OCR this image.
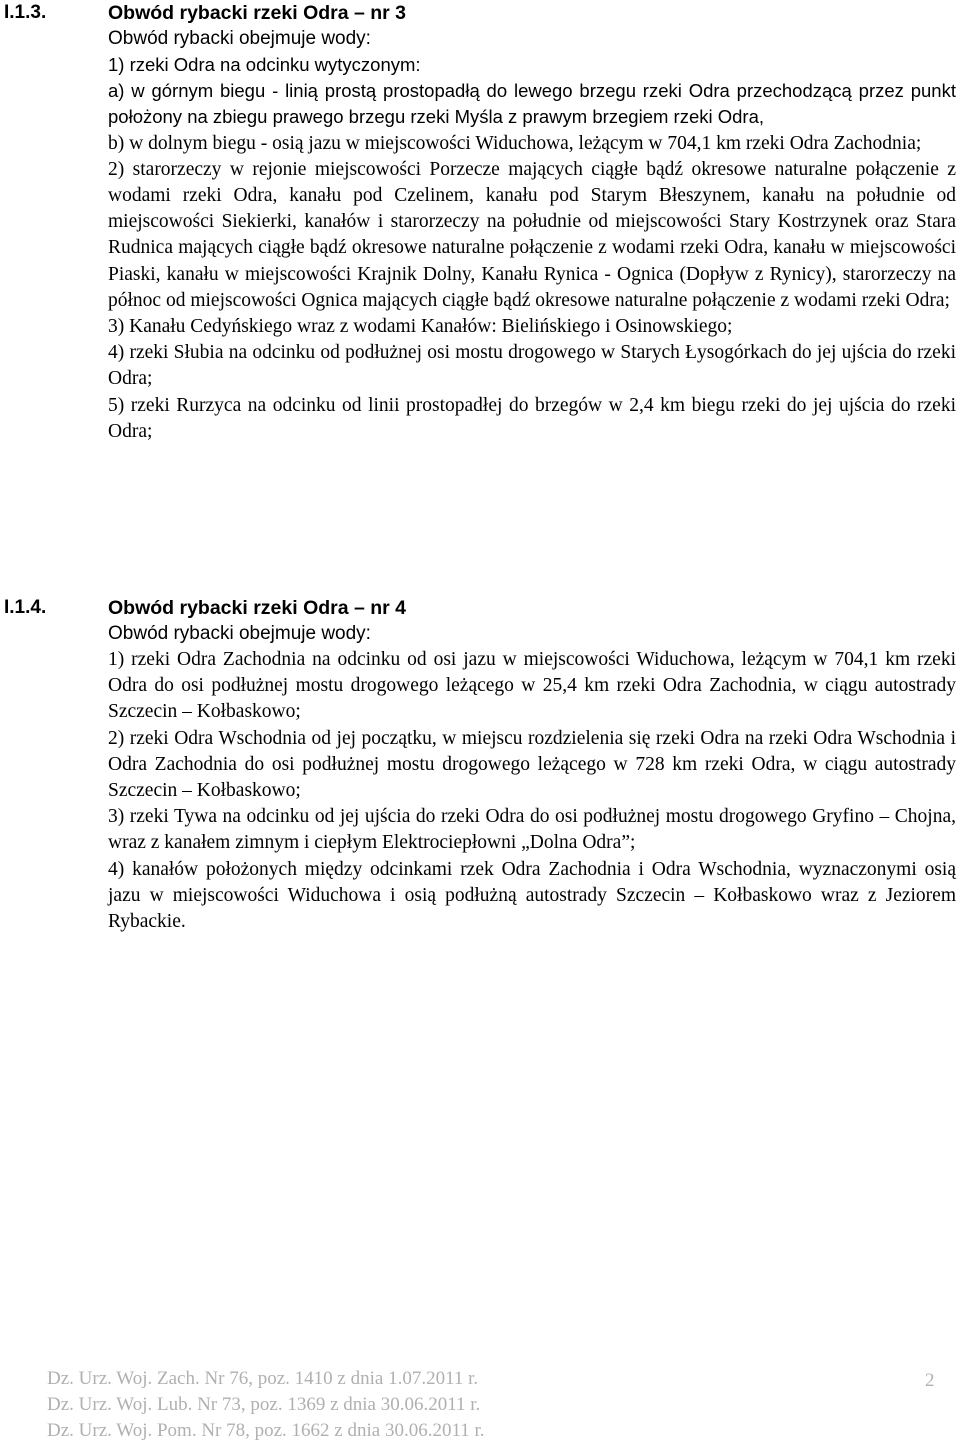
I.1.3.	Obwód rybacki rzeki Odra – nr 3

Obwód rybacki obejmuje wody:

1) rzeki Odra na odcinku wytyczonym:

a) w górnym biegu - linią prostą prostopadłą do lewego brzegu rzeki Odra przechodzącą przez punkt położony na zbiegu prawego brzegu rzeki Myśla z prawym brzegiem rzeki Odra,

b) w dolnym biegu - osią jazu w miejscowości Widuchowa, leżącym w 704,1 km rzeki Odra Zachodnia;

2) starorzeczy w rejonie miejscowości Porzecze mających ciągłe bądź okresowe naturalne połączenie z wodami rzeki Odra, kanału pod Czelinem, kanału pod Starym Błeszynem, kanału na południe od miejscowości Siekierki, kanałów i starorzeczy na południe od miejscowości Stary Kostrzynek oraz Stara Rudnica mających ciągłe bądź okresowe naturalne połączenie z wodami rzeki Odra, kanału w miejscowości Piaski, kanału w miejscowości Krajnik Dolny, Kanału Rynica - Ognica (Dopływ z Rynicy), starorzeczy na północ od miejscowości Ognica mających ciągłe bądź okresowe naturalne połączenie z wodami rzeki Odra;

3) Kanału Cedyńskiego wraz z wodami Kanałów: Bielińskiego i Osinowskiego;

4) rzeki Słubia na odcinku od podłużnej osi mostu drogowego w Starych Łysogórkach do jej ujścia do rzeki Odra;

5) rzeki Rurzyca na odcinku od linii prostopadłej do brzegów w 2,4 km biegu rzeki do jej ujścia do rzeki Odra;

I.1.4.	Obwód rybacki rzeki Odra – nr 4

Obwód rybacki obejmuje wody:

1) rzeki Odra Zachodnia na odcinku od osi jazu w miejscowości Widuchowa, leżącym w 704,1 km rzeki Odra do osi podłużnej mostu drogowego leżącego w 25,4 km rzeki Odra Zachodnia, w ciągu autostrady Szczecin – Kołbaskowo;

2) rzeki Odra Wschodnia od jej początku, w miejscu rozdzielenia się rzeki Odra na rzeki Odra Wschodnia i Odra Zachodnia do osi podłużnej mostu drogowego leżącego w 728 km rzeki Odra, w ciągu autostrady Szczecin – Kołbaskowo;

3) rzeki Tywa na odcinku od jej ujścia do rzeki Odra do osi podłużnej mostu drogowego Gryfino – Chojna, wraz z kanałem zimnym i ciepłym Elektrociepłowni „Dolna Odra”;

4) kanałów położonych między odcinkami rzek Odra Zachodnia i Odra Wschodnia, wyznaczonymi osią jazu w miejscowości Widuchowa i osią podłużną autostrady Szczecin – Kołbaskowo wraz z Jeziorem Rybackie.

Dz. Urz. Woj. Zach. Nr 76, poz. 1410 z dnia 1.07.2011 r.
Dz. Urz. Woj. Lub. Nr 73, poz. 1369 z dnia 30.06.2011 r.
Dz. Urz. Woj. Pom. Nr 78, poz. 1662 z dnia 30.06.2011 r.
2
